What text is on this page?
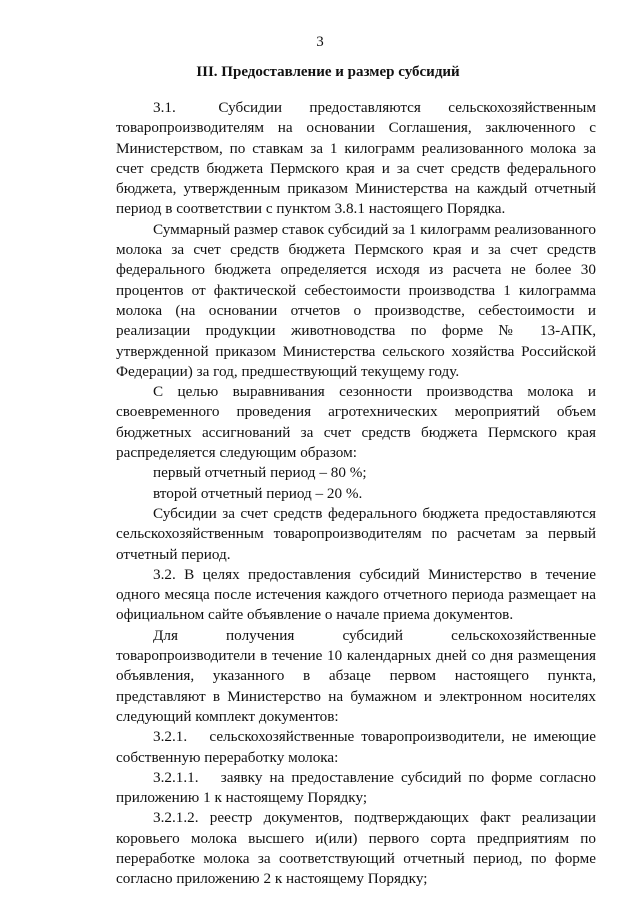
3
III. Предоставление и размер субсидий

3.1.  Субсидии предоставляются сельскохозяйственным товаропроизводителям на основании Соглашения, заключенного с Министерством, по ставкам за 1 килограмм реализованного молока за счет средств бюджета Пермского края и за счет средств федерального бюджета, утвержденным приказом Министерства на каждый отчетный период в соответствии с пунктом 3.8.1 настоящего Порядка.

Суммарный размер ставок субсидий за 1 килограмм реализованного молока за счет средств бюджета Пермского края и за счет средств федерального бюджета определяется исходя из расчета не более 30 процентов от фактической себестоимости производства 1 килограмма молока (на основании отчетов о производстве, себестоимости и реализации продукции животноводства по форме № 13-АПК, утвержденной приказом Министерства сельского хозяйства Российской Федерации) за год, предшествующий текущему году.

С целью выравнивания сезонности производства молока и своевременного проведения агротехнических мероприятий объем бюджетных ассигнований за счет средств бюджета Пермского края распределяется следующим образом:

первый отчетный период – 80 %;

второй отчетный период – 20 %.

Субсидии за счет средств федерального бюджета предоставляются сельскохозяйственным товаропроизводителям по расчетам за первый отчетный период.

3.2. В целях предоставления субсидий Министерство в течение одного месяца после истечения каждого отчетного периода размещает на официальном сайте объявление о начале приема документов.

Для получения субсидий сельскохозяйственные товаропроизводители в течение 10 календарных дней со дня размещения объявления, указанного в абзаце первом настоящего пункта, представляют в Министерство на бумажном и электронном носителях следующий комплект документов:

3.2.1.  сельскохозяйственные товаропроизводители, не имеющие собственную переработку молока:

3.2.1.1.  заявку на предоставление субсидий по форме согласно приложению 1 к настоящему Порядку;

3.2.1.2. реестр документов, подтверждающих факт реализации коровьего молока высшего и(или) первого сорта предприятиям по переработке молока за соответствующий отчетный период, по форме согласно приложению 2 к настоящему Порядку;
